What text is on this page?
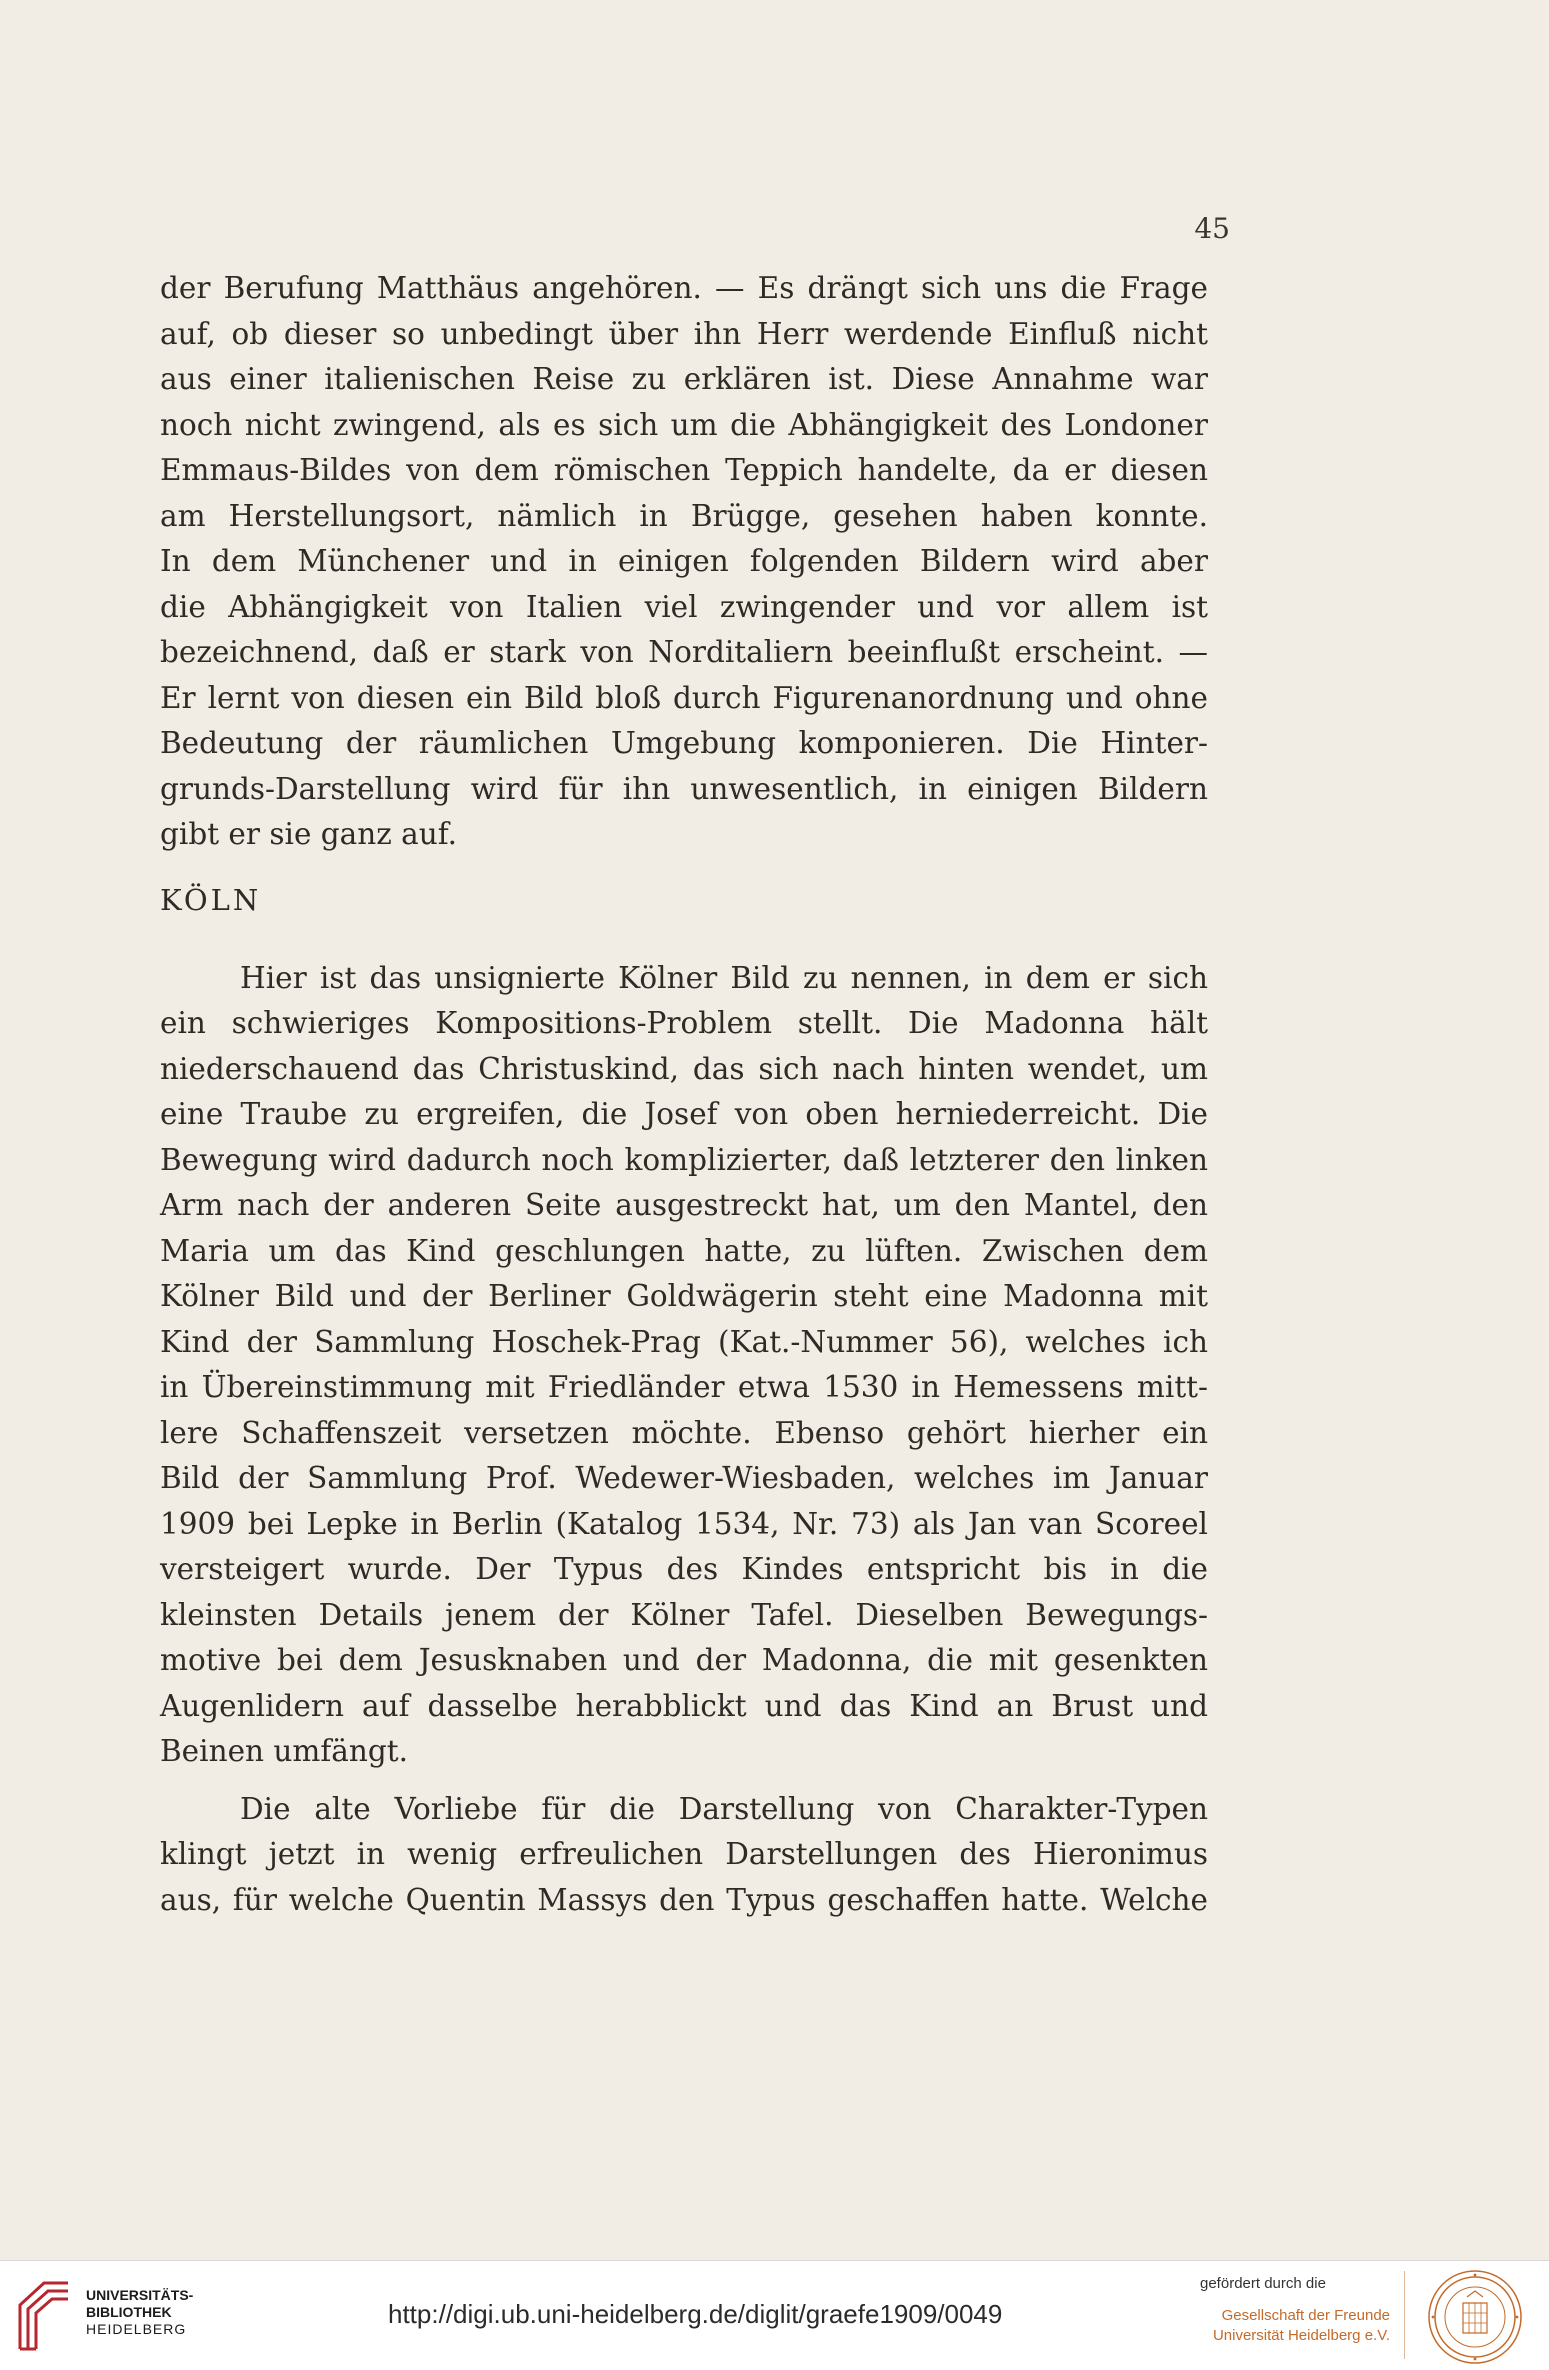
45

der Berufung Matthäus angehören. — Es drängt sich uns die Frage
auf, ob dieser so unbedingt über ihn Herr werdende Einfluß nicht
aus einer italienischen Reise zu erklären ist. Diese Annahme war
noch nicht zwingend, als es sich um die Abhängigkeit des Londoner
Emmaus-Bildes von dem römischen Teppich handelte, da er diesen
am Herstellungsort, nämlich in Brügge, gesehen haben konnte.
In dem Münchener und in einigen folgenden Bildern wird aber
die Abhängigkeit von Italien viel zwingender und vor allem ist
bezeichnend, daß er stark von Norditaliern beeinflußt erscheint. —
Er lernt von diesen ein Bild bloß durch Figurenanordnung und ohne
Bedeutung der räumlichen Umgebung komponieren. Die Hinter-
grunds-Darstellung wird für ihn unwesentlich, in einigen Bildern
gibt er sie ganz auf.

KÖLN

Hier ist das unsignierte Kölner Bild zu nennen, in dem er sich
ein schwieriges Kompositions-Problem stellt. Die Madonna hält
niederschauend das Christuskind, das sich nach hinten wendet, um
eine Traube zu ergreifen, die Josef von oben herniederreicht. Die
Bewegung wird dadurch noch komplizierter, daß letzterer den linken
Arm nach der anderen Seite ausgestreckt hat, um den Mantel, den
Maria um das Kind geschlungen hatte, zu lüften. Zwischen dem
Kölner Bild und der Berliner Goldwägerin steht eine Madonna mit
Kind der Sammlung Hoschek-Prag (Kat.-Nummer 56), welches ich
in Übereinstimmung mit Friedländer etwa 1530 in Hemessens mitt-
lere Schaffenszeit versetzen möchte. Ebenso gehört hierher ein
Bild der Sammlung Prof. Wedewer-Wiesbaden, welches im Januar
1909 bei Lepke in Berlin (Katalog 1534, Nr. 73) als Jan van Scoreel
versteigert wurde. Der Typus des Kindes entspricht bis in die
kleinsten Details jenem der Kölner Tafel. Dieselben Bewegungs-
motive bei dem Jesusknaben und der Madonna, die mit gesenkten
Augenlidern auf dasselbe herabblickt und das Kind an Brust und
Beinen umfängt.

Die alte Vorliebe für die Darstellung von Charakter-Typen
klingt jetzt in wenig erfreulichen Darstellungen des Hieronimus
aus, für welche Quentin Massys den Typus geschaffen hatte. Welche

UNIVERSITÄTS-
BIBLIOTHEK
HEIDELBERG	http://digi.ub.uni-heidelberg.de/diglit/graefe1909/0049
gefördert durch die
Gesellschaft der Freunde
Universität Heidelberg e.V.
